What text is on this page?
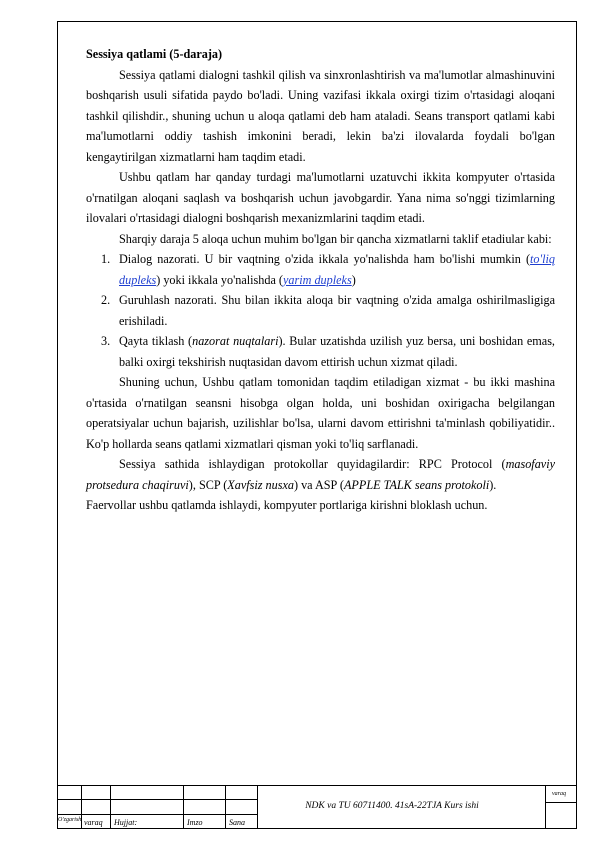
Sessiya qatlami (5-daraja)

Sessiya qatlami dialogni tashkil qilish va sinxronlashtirish va ma'lumotlar almashinuvini boshqarish usuli sifatida paydo bo'ladi. Uning vazifasi ikkala oxirgi tizim o'rtasidagi aloqani tashkil qilishdir., shuning uchun u aloqa qatlami deb ham ataladi. Seans transport qatlami kabi ma'lumotlarni oddiy tashish imkonini beradi, lekin ba'zi ilovalarda foydali bo'lgan kengaytirilgan xizmatlarni ham taqdim etadi.

Ushbu qatlam har qanday turdagi ma'lumotlarni uzatuvchi ikkita kompyuter o'rtasida o'rnatilgan aloqani saqlash va boshqarish uchun javobgardir. Yana nima so'nggi tizimlarning ilovalari o'rtasidagi dialogni boshqarish mexanizmlarini taqdim etadi.

Sharqiy daraja 5 aloqa uchun muhim bo'lgan bir qancha xizmatlarni taklif etadiular kabi:

1. Dialog nazorati. U bir vaqtning o'zida ikkala yo'nalishda ham bo'lishi mumkin (to'liq dupleks) yoki ikkala yo'nalishda (yarim dupleks)
2. Guruhlash nazorati. Shu bilan ikkita aloqa bir vaqtning o'zida amalga oshirilmasligiga erishiladi.
3. Qayta tiklash (nazorat nuqtalari). Bular uzatishda uzilish yuz bersa, uni boshidan emas, balki oxirgi tekshirish nuqtasidan davom ettirish uchun xizmat qiladi.

Shuning uchun, Ushbu qatlam tomonidan taqdim etiladigan xizmat - bu ikki mashina o'rtasida o'rnatilgan seansni hisobga olgan holda, uni boshidan oxirigacha belgilangan operatsiyalar uchun bajarish, uzilishlar bo'lsa, ularni davom ettirishni ta'minlash qobiliyatidir.. Ko'p hollarda seans qatlami xizmatlari qisman yoki to'liq sarflanadi.

Sessiya sathida ishlaydigan protokollar quyidagilardir: RPC Protocol (masofaviy protsedura chaqiruvi), SCP (Xavfsiz nusxa) va ASP (APPLE TALK seans protokoli).

Faervollar ushbu qatlamda ishlaydi, kompyuter portlariga kirishni bloklash uchun.

O'zgarish varaq Hujjat:	Imzo	Sana
NDK va TU 60711400. 41sA-22TJA Kurs ishi
varaq
